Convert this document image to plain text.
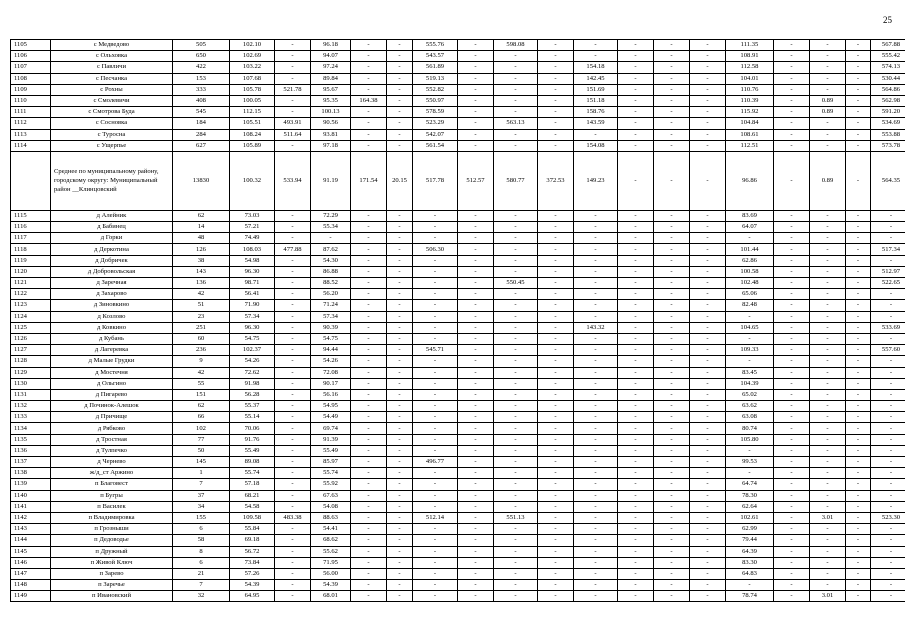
25
1105	с Медведово	505	102.10	-	96.18	-	-	555.76	-	598.08	-	-	-	-	-	111.35	-	-	-	567.88
1106	с Ольховка	650	102.69	-	94.07	-	-	543.57	-	-	-	-	-	-	-	108.91	-	-	-	555.42
1107	с Павличи	422	103.22	-	97.24	-	-	561.89	-	-	-	154.18	-	-	-	112.58	-	-	-	574.13
1108	с Песчанка	153	107.68	-	89.84	-	-	519.13	-	-	-	142.45	-	-	-	104.01	-	-	-	530.44
1109	с Рохны	333	105.78	521.78	95.67	-	-	552.82	-	-	-	151.69	-	-	-	110.76	-	-	-	564.86
1110	с Смолевичи	408	100.05	-	95.35	164.38	-	550.97	-	-	-	151.18	-	-	-	110.39	-	0.89	-	562.98
1111	с Смотрова Буда	545	112.15	-	100.13	-	-	578.59	-	-	-	158.76	-	-	-	115.92	-	0.89	-	591.20
1112	с Сосновка	184	105.51	493.91	90.56	-	-	523.29	-	563.13	-	143.59	-	-	-	104.84	-	-	-	534.69
1113	с Туросна	284	108.24	511.64	93.81	-	-	542.07	-	-	-	-	-	-	-	108.61	-	-	-	553.88
1114	с Ущерпье	627	105.89	-	97.18	-	-	561.54	-	-	-	154.08	-	-	-	112.51	-	-	-	573.78
	Среднее по муниципальному району, городскому округу: Муниципальный район __Клинцовский	13830	100.32	533.94	91.19	171.54	20.15	517.78	512.57	580.77	372.53	149.23	-	-	-	96.86	-	0.89	-	564.35
1115	д Алейник	62	73.03	-	72.29	-	-	-	-	-	-	-	-	-	-	83.69	-	-	-	-
1116	д Бабинец	14	57.21	-	55.34	-	-	-	-	-	-	-	-	-	-	64.07	-	-	-	-
1117	д Горки	48	74.49	-	-	-	-	-	-	-	-	-	-	-	-	-	-	-	-	-
1118	д Деркотина	126	108.03	477.88	87.62	-	-	506.30	-	-	-	-	-	-	-	101.44	-	-	-	517.34
1119	д Добричек	38	54.98	-	54.30	-	-	-	-	-	-	-	-	-	-	62.86	-	-	-	-
1120	д Добровольская	143	96.30	-	86.88	-	-	-	-	-	-	-	-	-	-	100.58	-	-	-	512.97
1121	д Заречная	136	98.71	-	88.52	-	-	-	-	550.45	-	-	-	-	-	102.48	-	-	-	522.65
1122	д Захарово	42	56.41	-	56.20	-	-	-	-	-	-	-	-	-	-	65.06	-	-	-	-
1123	д Зиновкино	51	71.90	-	71.24	-	-	-	-	-	-	-	-	-	-	82.48	-	-	-	-
1124	д Козлово	23	57.34	-	57.34	-	-	-	-	-	-	-	-	-	-	-	-	-	-	-
1125	д Ковкино	251	96.30	-	90.39	-	-	-	-	-	-	143.32	-	-	-	104.65	-	-	-	533.69
1126	д Кубань	60	54.75	-	54.75	-	-	-	-	-	-	-	-	-	-	-	-	-	-	-
1127	д Лагеревка	236	102.37	-	94.44	-	-	545.71	-	-	-	-	-	-	-	109.33	-	-	-	557.60
1128	д Малые Грудки	9	54.26	-	54.26	-	-	-	-	-	-	-	-	-	-	-	-	-	-	-
1129	д Мостечня	42	72.62	-	72.08	-	-	-	-	-	-	-	-	-	-	83.45	-	-	-	-
1130	д Ольгино	55	91.98	-	90.17	-	-	-	-	-	-	-	-	-	-	104.39	-	-	-	-
1131	д Пигарево	151	56.28	-	56.16	-	-	-	-	-	-	-	-	-	-	65.02	-	-	-	-
1132	д Починок-Алешок	62	55.37	-	54.95	-	-	-	-	-	-	-	-	-	-	63.62	-	-	-	-
1133	д Причище	66	55.14	-	54.49	-	-	-	-	-	-	-	-	-	-	63.08	-	-	-	-
1134	д Рябково	102	70.06	-	69.74	-	-	-	-	-	-	-	-	-	-	80.74	-	-	-	-
1135	д Тростная	77	91.76	-	91.39	-	-	-	-	-	-	-	-	-	-	105.80	-	-	-	-
1136	д Тулпечко	50	55.49	-	55.49	-	-	-	-	-	-	-	-	-	-	-	-	-	-	-
1137	д Чернево	145	89.08	-	85.97	-	-	496.77	-	-	-	-	-	-	-	99.53	-	-	-	-
1138	ж/д_ст Аржино	1	55.74	-	55.74	-	-	-	-	-	-	-	-	-	-	-	-	-	-	-
1139	п Благовест	7	57.18	-	55.92	-	-	-	-	-	-	-	-	-	-	64.74	-	-	-	-
1140	п Бугры	37	68.21	-	67.63	-	-	-	-	-	-	-	-	-	-	78.30	-	-	-	-
1141	п Василек	34	54.58	-	54.08	-	-	-	-	-	-	-	-	-	-	62.64	-	-	-	-
1142	п Владимировка	155	109.58	483.38	88.63	-	-	512.14	-	551.13	-	-	-	-	-	102.61	-	3.01	-	523.30
1143	п Грозныши	6	55.84	-	54.41	-	-	-	-	-	-	-	-	-	-	62.99	-	-	-	-
1144	п Дедоводье	58	69.18	-	68.62	-	-	-	-	-	-	-	-	-	-	79.44	-	-	-	-
1145	п Дружный	8	56.72	-	55.62	-	-	-	-	-	-	-	-	-	-	64.39	-	-	-	-
1146	п Живой Ключ	6	73.84	-	71.95	-	-	-	-	-	-	-	-	-	-	83.30	-	-	-	-
1147	п Зарево	21	57.26	-	56.00	-	-	-	-	-	-	-	-	-	-	64.83	-	-	-	-
1148	п Заречье	7	54.39	-	54.39	-	-	-	-	-	-	-	-	-	-	-	-	-	-	-
1149	п Ивановский	32	64.95	-	68.01	-	-	-	-	-	-	-	-	-	-	78.74	-	3.01	-	-
